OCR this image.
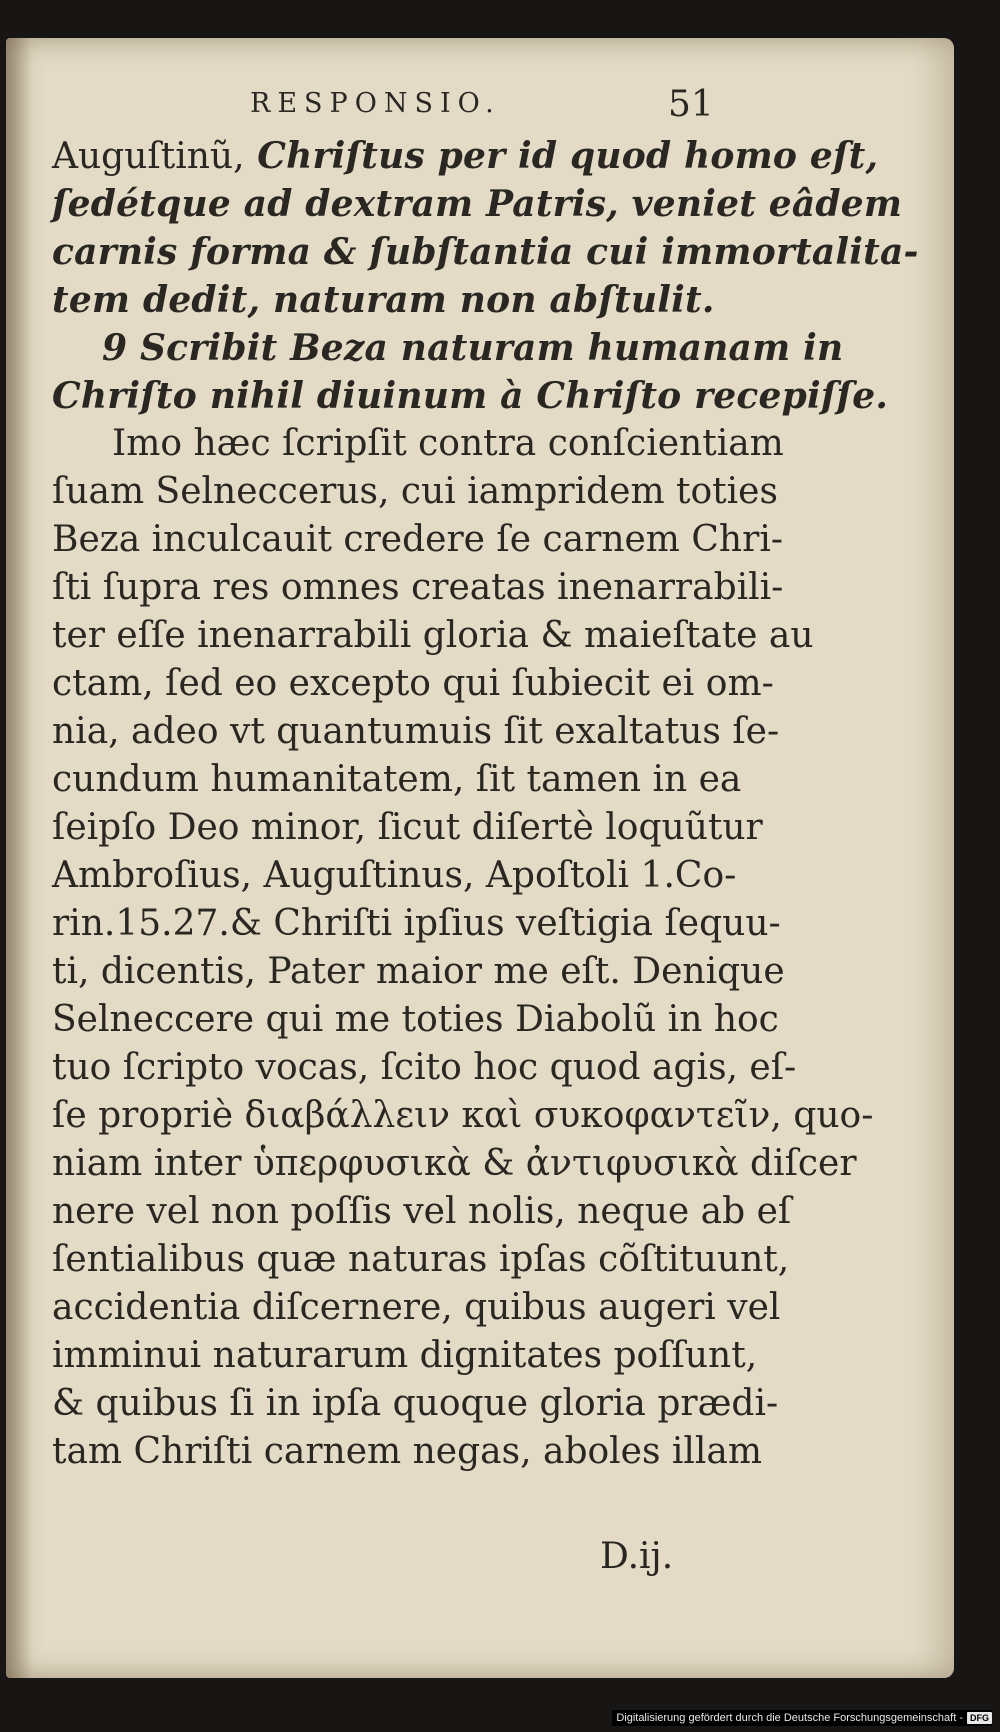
RESPONSIO.	51
Auguſtinũ, Chriſtus per id quod homo eſt,
ſedétque ad dextram Patris, veniet eâdem
carnis forma & ſubſtantia cui immortalita-
tem dedit, naturam non abſtulit.
9 Scribit Beza naturam humanam in
Chriſto nihil diuinum à Chriſto recepiſſe.
Imo hæc ſcripſit contra conſcientiam
ſuam Selneccerus, cui iampridem toties
Beza inculcauit credere ſe carnem Chri-
ſti ſupra res omnes creatas inenarrabili-
ter eſſe inenarrabili gloria & maieſtate au
ctam, ſed eo excepto qui ſubiecit ei om-
nia, adeo vt quantumuis ſit exaltatus ſe-
cundum humanitatem, ſit tamen in ea
ſeipſo Deo minor, ſicut diſertè loquũtur
Ambroſius, Auguſtinus, Apoſtoli 1.Co-
rin.15.27.& Chriſti ipſius veſtigia ſequu-
ti, dicentis, Pater maior me eſt. Denique
Selneccere qui me toties Diabolũ in hoc
tuo ſcripto vocas, ſcito hoc quod agis, eſ-
ſe propriè διαβάλλειν καὶ συκοφαντεῖν, quo-
niam inter ὑπερφυσικὰ & ἀντιφυσικὰ diſcer
nere vel non poſſis vel nolis, neque ab eſ
ſentialibus quæ naturas ipſas cõſtituunt,
accidentia diſcernere, quibus augeri vel
imminui naturarum dignitates poſſunt,
& quibus ſi in ipſa quoque gloria prædi-
tam Chriſti carnem negas, aboles illam
D.ij.
Digitalisierung gefördert durch die Deutsche Forschungsgemeinschaft - DFG
